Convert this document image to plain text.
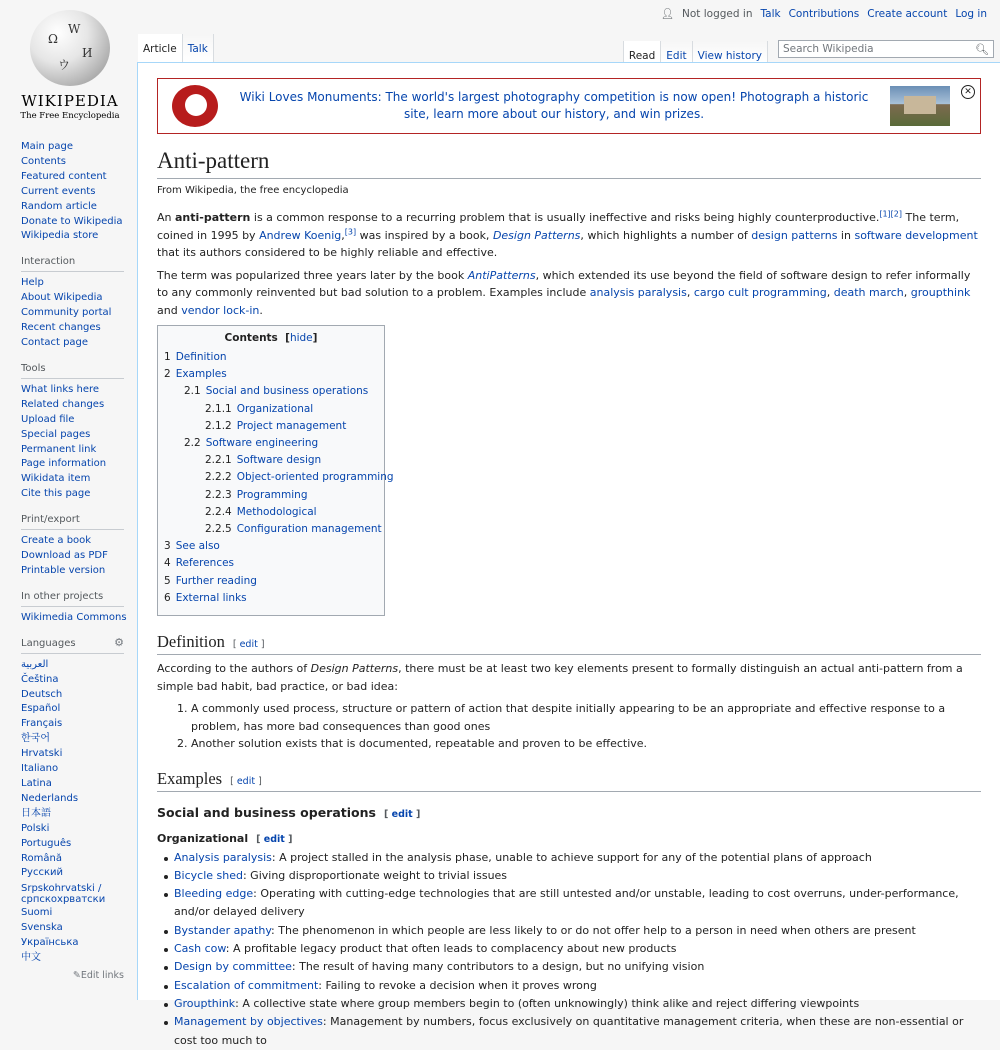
👤︎ Not logged in Talk Contributions Create account Log in
Ω
W
И
ウ
WIKIPEDIA
The Free Encyclopedia
Main page
Contents
Featured content
Current events
Random article
Donate to Wikipedia
Wikipedia store
Interaction
Help
About Wikipedia
Community portal
Recent changes
Contact page
Tools
What links here
Related changes
Upload file
Special pages
Permanent link
Page information
Wikidata item
Cite this page
Print/export
Create a book
Download as PDF
Printable version
In other projects
Wikimedia Commons
Languages	⚙
العربية
Čeština
Deutsch
Español
Français
한국어
Hrvatski
Italiano
Latina
Nederlands
日本語
Polski
Português
Română
Русский
Srpskohrvatski / српскохрватски
Suomi
Svenska
Українська
中文
✎Edit links
Article	Talk
Read	Edit	View history
Search Wikipedia	🔍︎
Wiki Loves Monuments: The world's largest photography competition is now open! Photograph a historic site, learn more about our history, and win prizes.
✕
Anti-pattern
From Wikipedia, the free encyclopedia

An anti-pattern is a common response to a recurring problem that is usually ineffective and risks being highly counterproductive.[1][2] The term, coined in 1995 by Andrew Koenig,[3] was inspired by a book, Design Patterns, which highlights a number of design patterns in software development that its authors considered to be highly reliable and effective.

The term was popularized three years later by the book AntiPatterns, which extended its use beyond the field of software design to refer informally to any commonly reinvented but bad solution to a problem. Examples include analysis paralysis, cargo cult programming, death march, groupthink and vendor lock-in.

Contents  [hide]
1 Definition
2 Examples
2.1 Social and business operations
2.1.1 Organizational
2.1.2 Project management
2.2 Software engineering
2.2.1 Software design
2.2.2 Object-oriented programming
2.2.3 Programming
2.2.4 Methodological
2.2.5 Configuration management
3 See also
4 References
5 Further reading
6 External links
Definition [ edit ]

According to the authors of Design Patterns, there must be at least two key elements present to formally distinguish an actual anti-pattern from a simple bad habit, bad practice, or bad idea:

1. A commonly used process, structure or pattern of action that despite initially appearing to be an appropriate and effective response to a problem, has more bad consequences than good ones
2. Another solution exists that is documented, repeatable and proven to be effective.
Examples [ edit ]
Social and business operations [ edit ]
Organizational [ edit ]
Analysis paralysis: A project stalled in the analysis phase, unable to achieve support for any of the potential plans of approach
Bicycle shed: Giving disproportionate weight to trivial issues
Bleeding edge: Operating with cutting-edge technologies that are still untested and/or unstable, leading to cost overruns, under-performance, and/or delayed delivery
Bystander apathy: The phenomenon in which people are less likely to or do not offer help to a person in need when others are present
Cash cow: A profitable legacy product that often leads to complacency about new products
Design by committee: The result of having many contributors to a design, but no unifying vision
Escalation of commitment: Failing to revoke a decision when it proves wrong
Groupthink: A collective state where group members begin to (often unknowingly) think alike and reject differing viewpoints
Management by objectives: Management by numbers, focus exclusively on quantitative management criteria, when these are non-essential or cost too much to
